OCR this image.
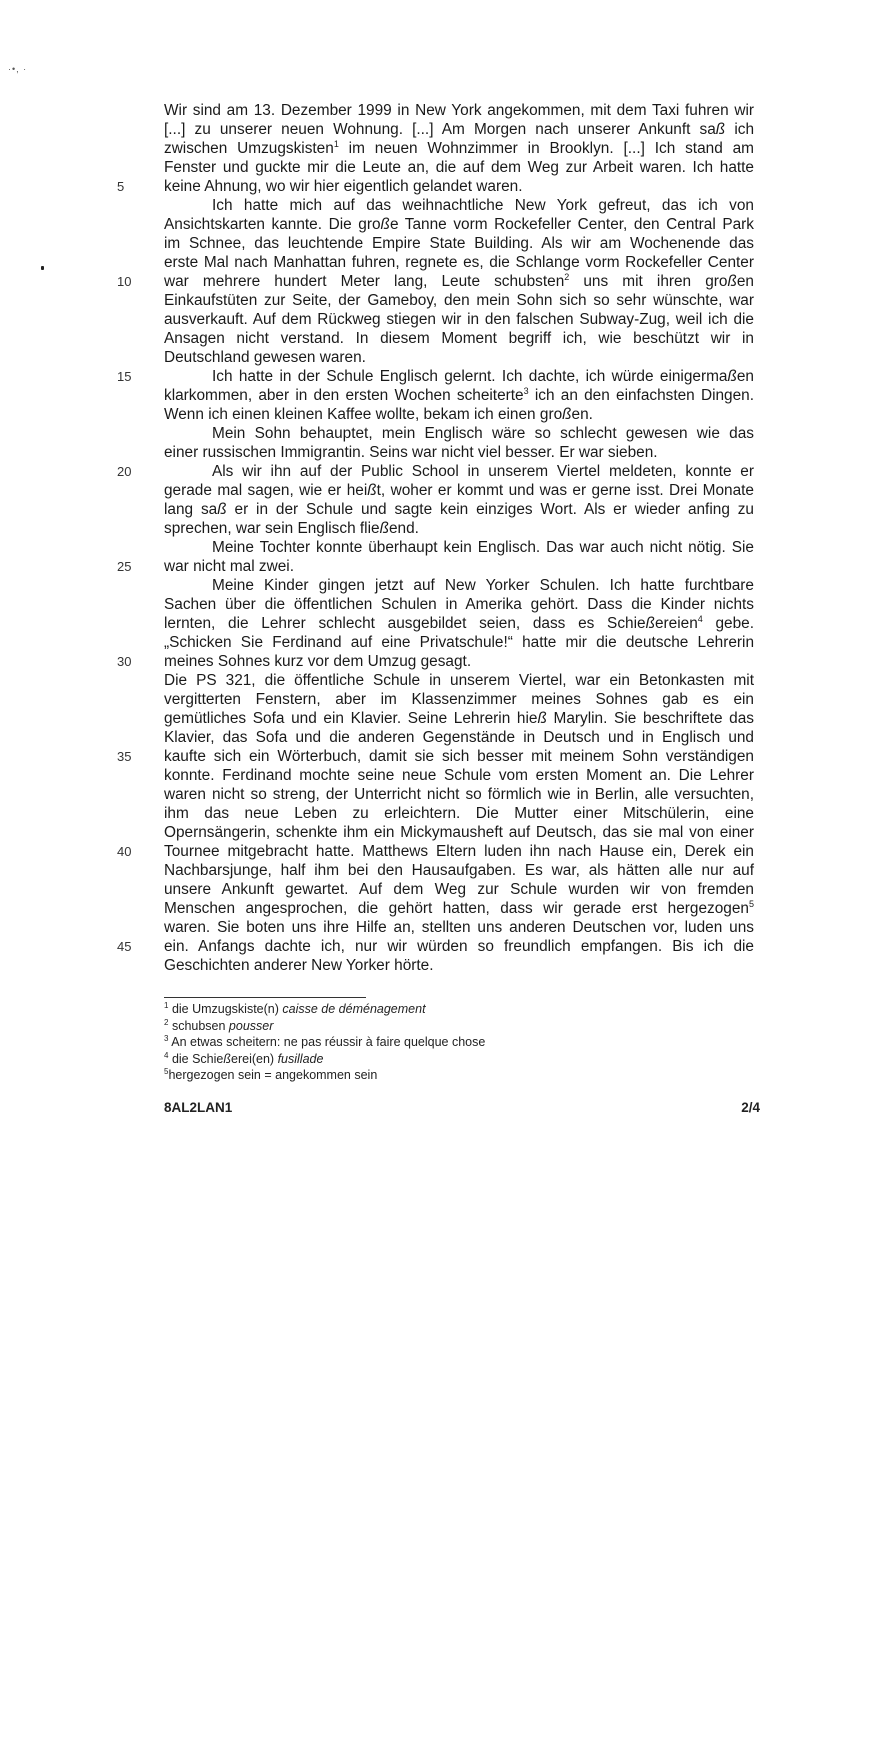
·•, ·
Wir sind am 13. Dezember 1999 in New York angekommen, mit dem Taxi fuhren wir
[...] zu unserer neuen Wohnung. [...] Am Morgen nach unserer Ankunft saß ich
zwischen Umzugskisten$^1$ im neuen Wohnzimmer in Brooklyn. [...] Ich stand am
Fenster und guckte mir die Leute an, die auf dem Weg zur Arbeit waren. Ich hatte
5	keine Ahnung, wo wir hier eigentlich gelandet waren.
Ich hatte mich auf das weihnachtliche New York gefreut, das ich von
Ansichtskarten kannte. Die große Tanne vorm Rockefeller Center, den Central Park
im Schnee, das leuchtende Empire State Building. Als wir am Wochenende das
erste Mal nach Manhattan fuhren, regnete es, die Schlange vorm Rockefeller Center
10	war mehrere hundert Meter lang, Leute schubsten$^2$ uns mit ihren großen
Einkaufstüten zur Seite, der Gameboy, den mein Sohn sich so sehr wünschte, war
ausverkauft. Auf dem Rückweg stiegen wir in den falschen Subway-Zug, weil ich die
Ansagen nicht verstand. In diesem Moment begriff ich, wie beschützt wir in
Deutschland gewesen waren.
15	Ich hatte in der Schule Englisch gelernt. Ich dachte, ich würde einigermaßen
klarkommen, aber in den ersten Wochen scheiterte$^3$ ich an den einfachsten Dingen.
Wenn ich einen kleinen Kaffee wollte, bekam ich einen großen.
Mein Sohn behauptet, mein Englisch wäre so schlecht gewesen wie das
einer russischen Immigrantin. Seins war nicht viel besser. Er war sieben.
20	Als wir ihn auf der Public School in unserem Viertel meldeten, konnte er
gerade mal sagen, wie er heißt, woher er kommt und was er gerne isst. Drei Monate
lang saß er in der Schule und sagte kein einziges Wort. Als er wieder anfing zu
sprechen, war sein Englisch fließend.
Meine Tochter konnte überhaupt kein Englisch. Das war auch nicht nötig. Sie
25	war nicht mal zwei.
Meine Kinder gingen jetzt auf New Yorker Schulen. Ich hatte furchtbare
Sachen über die öffentlichen Schulen in Amerika gehört. Dass die Kinder nichts
lernten, die Lehrer schlecht ausgebildet seien, dass es Schießereien$^4$ gebe.
„Schicken Sie Ferdinand auf eine Privatschule!“ hatte mir die deutsche Lehrerin
30	meines Sohnes kurz vor dem Umzug gesagt.
Die PS 321, die öffentliche Schule in unserem Viertel, war ein Betonkasten mit
vergitterten Fenstern, aber im Klassenzimmer meines Sohnes gab es ein
gemütliches Sofa und ein Klavier. Seine Lehrerin hieß Marylin. Sie beschriftete das
Klavier, das Sofa und die anderen Gegenstände in Deutsch und in Englisch und
35	kaufte sich ein Wörterbuch, damit sie sich besser mit meinem Sohn verständigen
konnte. Ferdinand mochte seine neue Schule vom ersten Moment an. Die Lehrer
waren nicht so streng, der Unterricht nicht so förmlich wie in Berlin, alle versuchten,
ihm das neue Leben zu erleichtern. Die Mutter einer Mitschülerin, eine
Opernsängerin, schenkte ihm ein Mickymausheft auf Deutsch, das sie mal von einer
40	Tournee mitgebracht hatte. Matthews Eltern luden ihn nach Hause ein, Derek ein
Nachbarsjunge, half ihm bei den Hausaufgaben. Es war, als hätten alle nur auf
unsere Ankunft gewartet. Auf dem Weg zur Schule wurden wir von fremden
Menschen angesprochen, die gehört hatten, dass wir gerade erst hergezogen$^5$
waren. Sie boten uns ihre Hilfe an, stellten uns anderen Deutschen vor, luden uns
45	ein. Anfangs dachte ich, nur wir würden so freundlich empfangen. Bis ich die
Geschichten anderer New Yorker hörte.
$^1$ die Umzugskiste(n) caisse de déménagement
$^2$ schubsen pousser
$^3$ An etwas scheitern: ne pas réussir à faire quelque chose
$^4$ die Schießerei(en) fusillade
$^5$hergezogen sein = angekommen sein
8AL2LAN1	2/4
